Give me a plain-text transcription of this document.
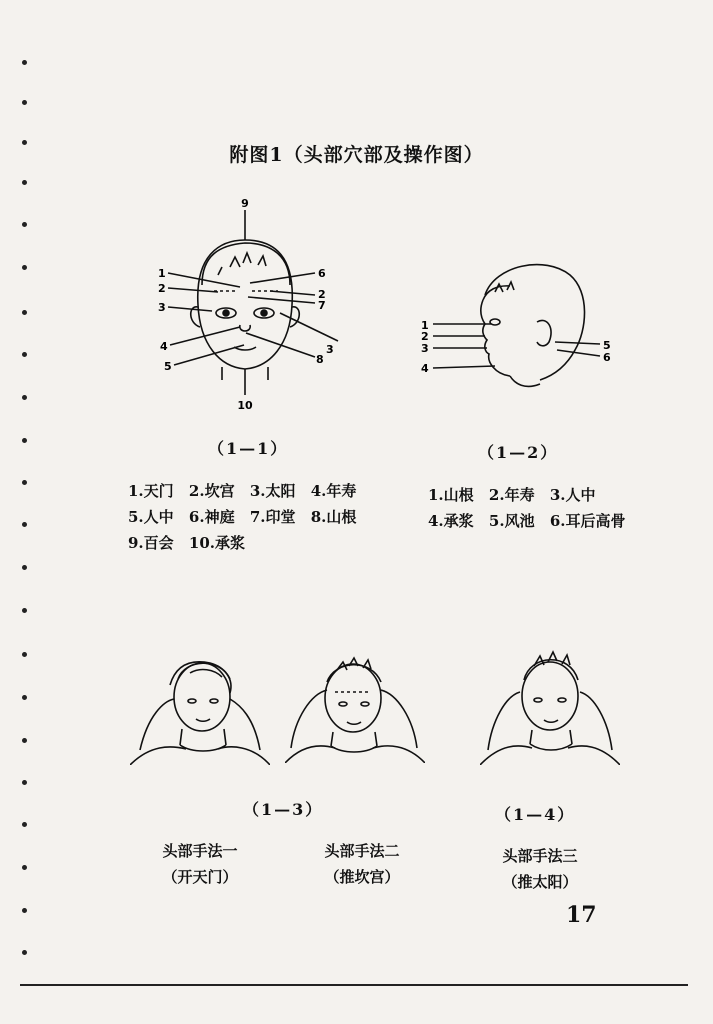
附图1（头部穴部及操作图）
9
10
1
2
3
4
5
6
2
7
3
8
1
2
3
4
5
6
（1—1）	（1—2）
1.天门 2.坎宫 3.太阳 4.年寿 5.人中 6.神庭 7.印堂 8.山根 9.百会 10.承浆
1.山根 2.年寿 3.人中 4.承浆 5.风池 6.耳后高骨
（1—3）	（1—4）
头部手法一
（开天门）
头部手法二
（推坎宫）
头部手法三
（推太阳）
17
